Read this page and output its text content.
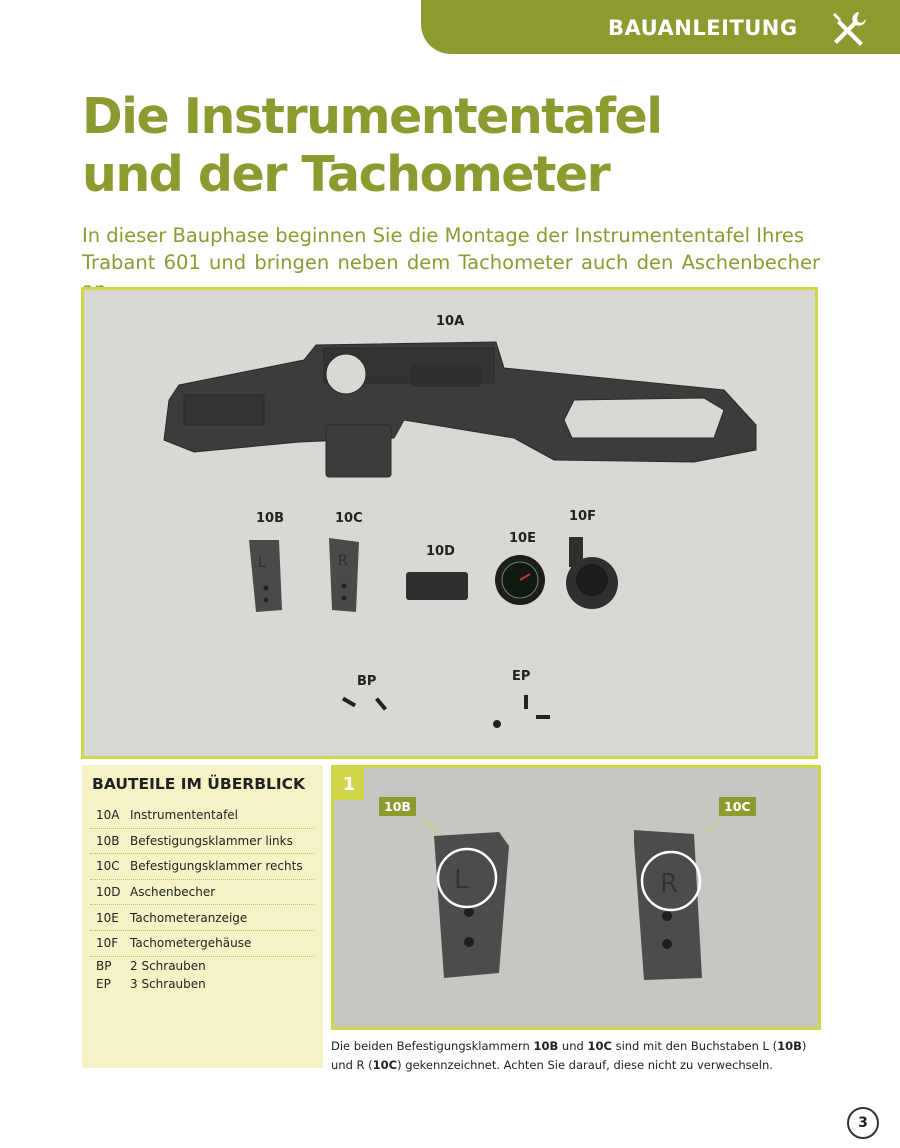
BAUANLEITUNG
Die Instrumententafel
und der Tachometer

In dieser Bauphase beginnen Sie die Montage der Instrumententafel Ihres
Trabant 601 und bringen neben dem Tachometer auch den Aschenbecher

L	R
10A
10B	10C
10D
10E
10F
BP	EP
BAUTEILE IM ÜBERBLICK
10A Instrumententafel
10B Befestigungsklammer links
10C Befestigungsklammer rechts
10D Aschenbecher
10E Tachometeranzeige
10F Tachometergehäuse
BP	2 Schrauben
EP	3 Schrauben
L	R
1
10B	10C

Die beiden Befestigungsklammern 10B und 10C sind mit den Buchstaben L (10B) und R (10C) gekennzeichnet. Achten Sie darauf, diese nicht zu verwechseln.

3
